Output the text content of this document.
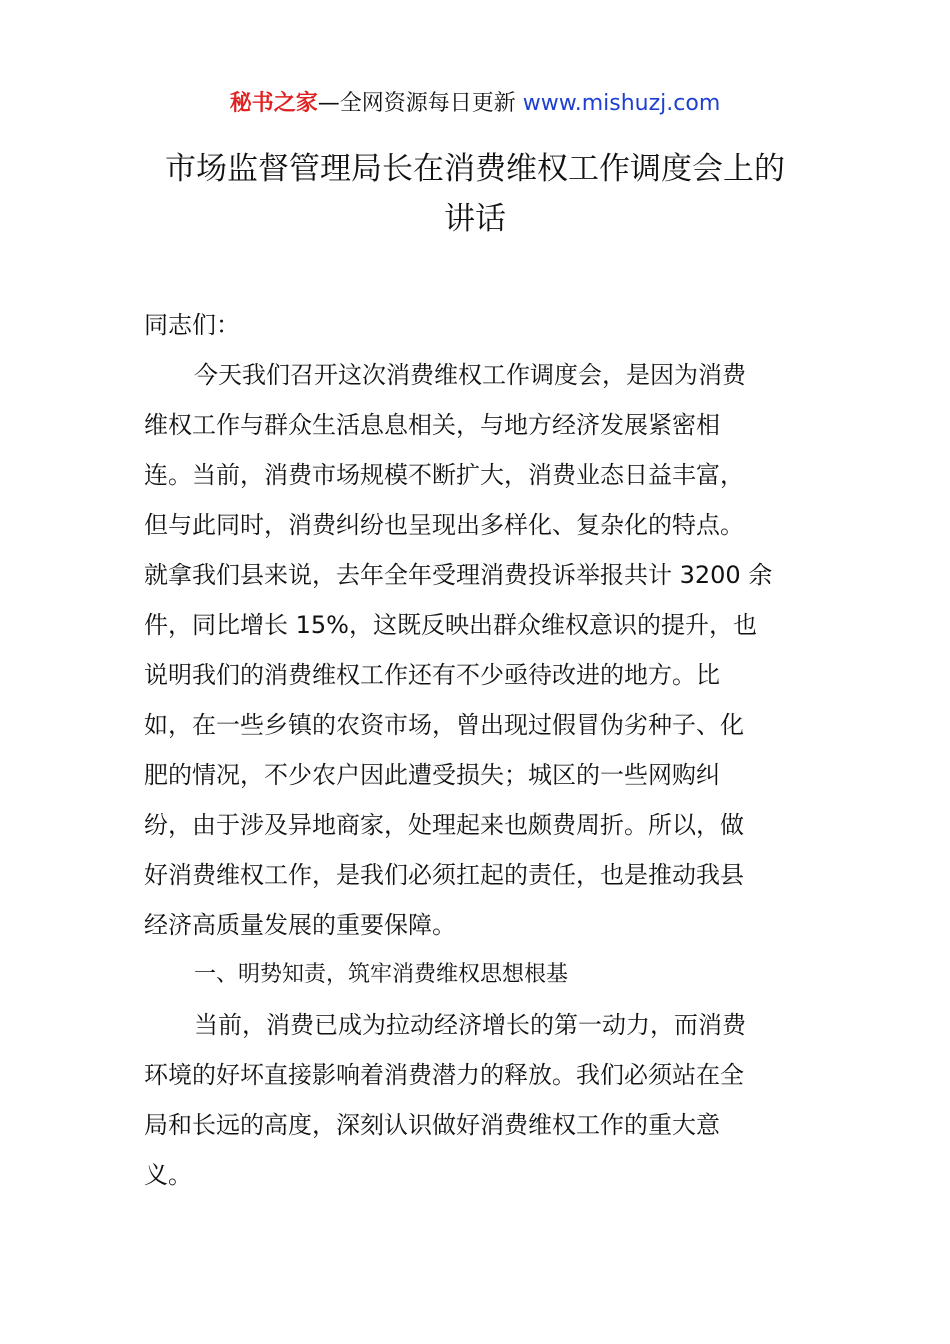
秘书之家—全网资源每日更新 www.mishuzj.com
市场监督管理局长在消费维权工作调度会上的
讲话
同志们：
今天我们召开这次消费维权工作调度会，是因为消费
维权工作与群众生活息息相关，与地方经济发展紧密相
连。当前，消费市场规模不断扩大，消费业态日益丰富，
但与此同时，消费纠纷也呈现出多样化、复杂化的特点。
就拿我们县来说，去年全年受理消费投诉举报共计 3200 余
件，同比增长 15%，这既反映出群众维权意识的提升，也
说明我们的消费维权工作还有不少亟待改进的地方。比
如，在一些乡镇的农资市场，曾出现过假冒伪劣种子、化
肥的情况，不少农户因此遭受损失；城区的一些网购纠
纷，由于涉及异地商家，处理起来也颇费周折。所以，做
好消费维权工作，是我们必须扛起的责任，也是推动我县
经济高质量发展的重要保障。
一、明势知责，筑牢消费维权思想根基
当前，消费已成为拉动经济增长的第一动力，而消费
环境的好坏直接影响着消费潜力的释放。我们必须站在全
局和长远的高度，深刻认识做好消费维权工作的重大意
义。
